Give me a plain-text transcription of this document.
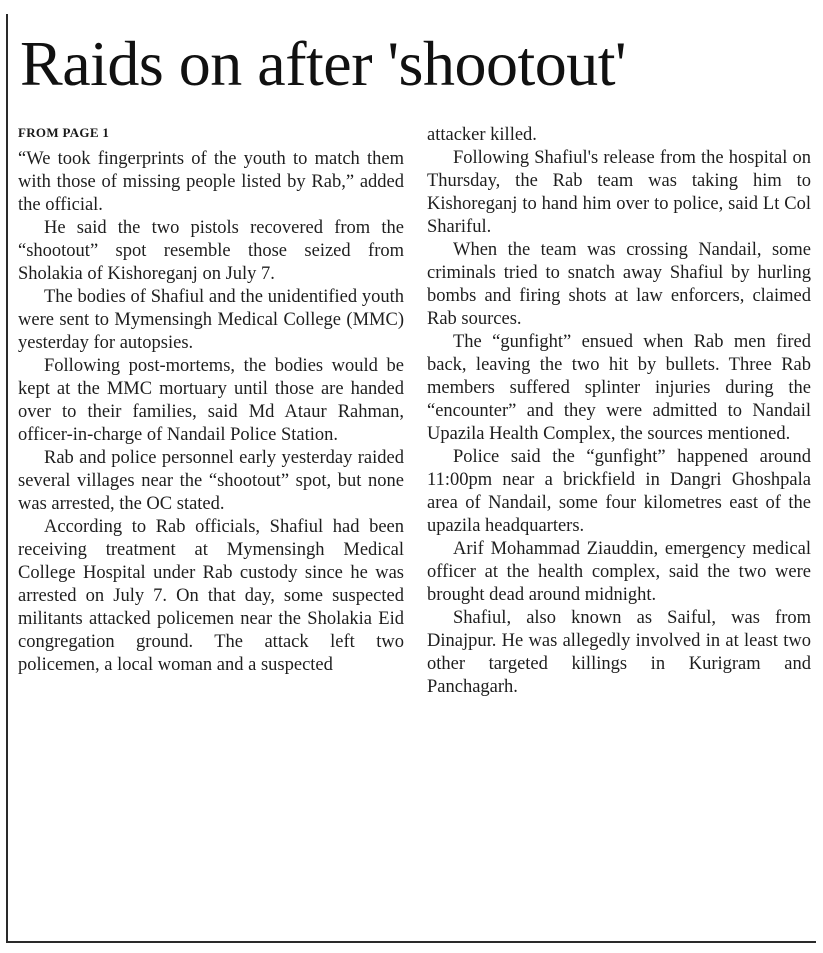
Raids on after 'shootout'
FROM PAGE 1

“We took fingerprints of the youth to match them with those of missing people listed by Rab,” added the official.

He said the two pistols recovered from the “shootout” spot resemble those seized from Sholakia of Kishoreganj on July 7.

The bodies of Shafiul and the unidentified youth were sent to Mymensingh Medical College (MMC) yesterday for autopsies.

Following post-mortems, the bodies would be kept at the MMC mortuary until those are handed over to their families, said Md Ataur Rahman, officer-in-charge of Nandail Police Station.

Rab and police personnel early yesterday raided several villages near the “shootout” spot, but none was arrested, the OC stated.

According to Rab officials, Shafiul had been receiving treatment at Mymensingh Medical College Hospital under Rab custody since he was arrested on July 7. On that day, some suspected militants attacked policemen near the Sholakia Eid congregation ground. The attack left two policemen, a local woman and a suspected

attacker killed.

Following Shafiul's release from the hospital on Thursday, the Rab team was taking him to Kishoreganj to hand him over to police, said Lt Col Shariful.

When the team was crossing Nandail, some criminals tried to snatch away Shafiul by hurling bombs and firing shots at law enforcers, claimed Rab sources.

The “gunfight” ensued when Rab men fired back, leaving the two hit by bullets. Three Rab members suffered splinter injuries during the “encounter” and they were admitted to Nandail Upazila Health Complex, the sources mentioned.

Police said the “gunfight” happened around 11:00pm near a brickfield in Dangri Ghoshpala area of Nandail, some four kilometres east of the upazila headquarters.

Arif Mohammad Ziauddin, emergency medical officer at the health complex, said the two were brought dead around midnight.

Shafiul, also known as Saiful, was from Dinajpur. He was allegedly involved in at least two other targeted killings in Kurigram and Panchagarh.
